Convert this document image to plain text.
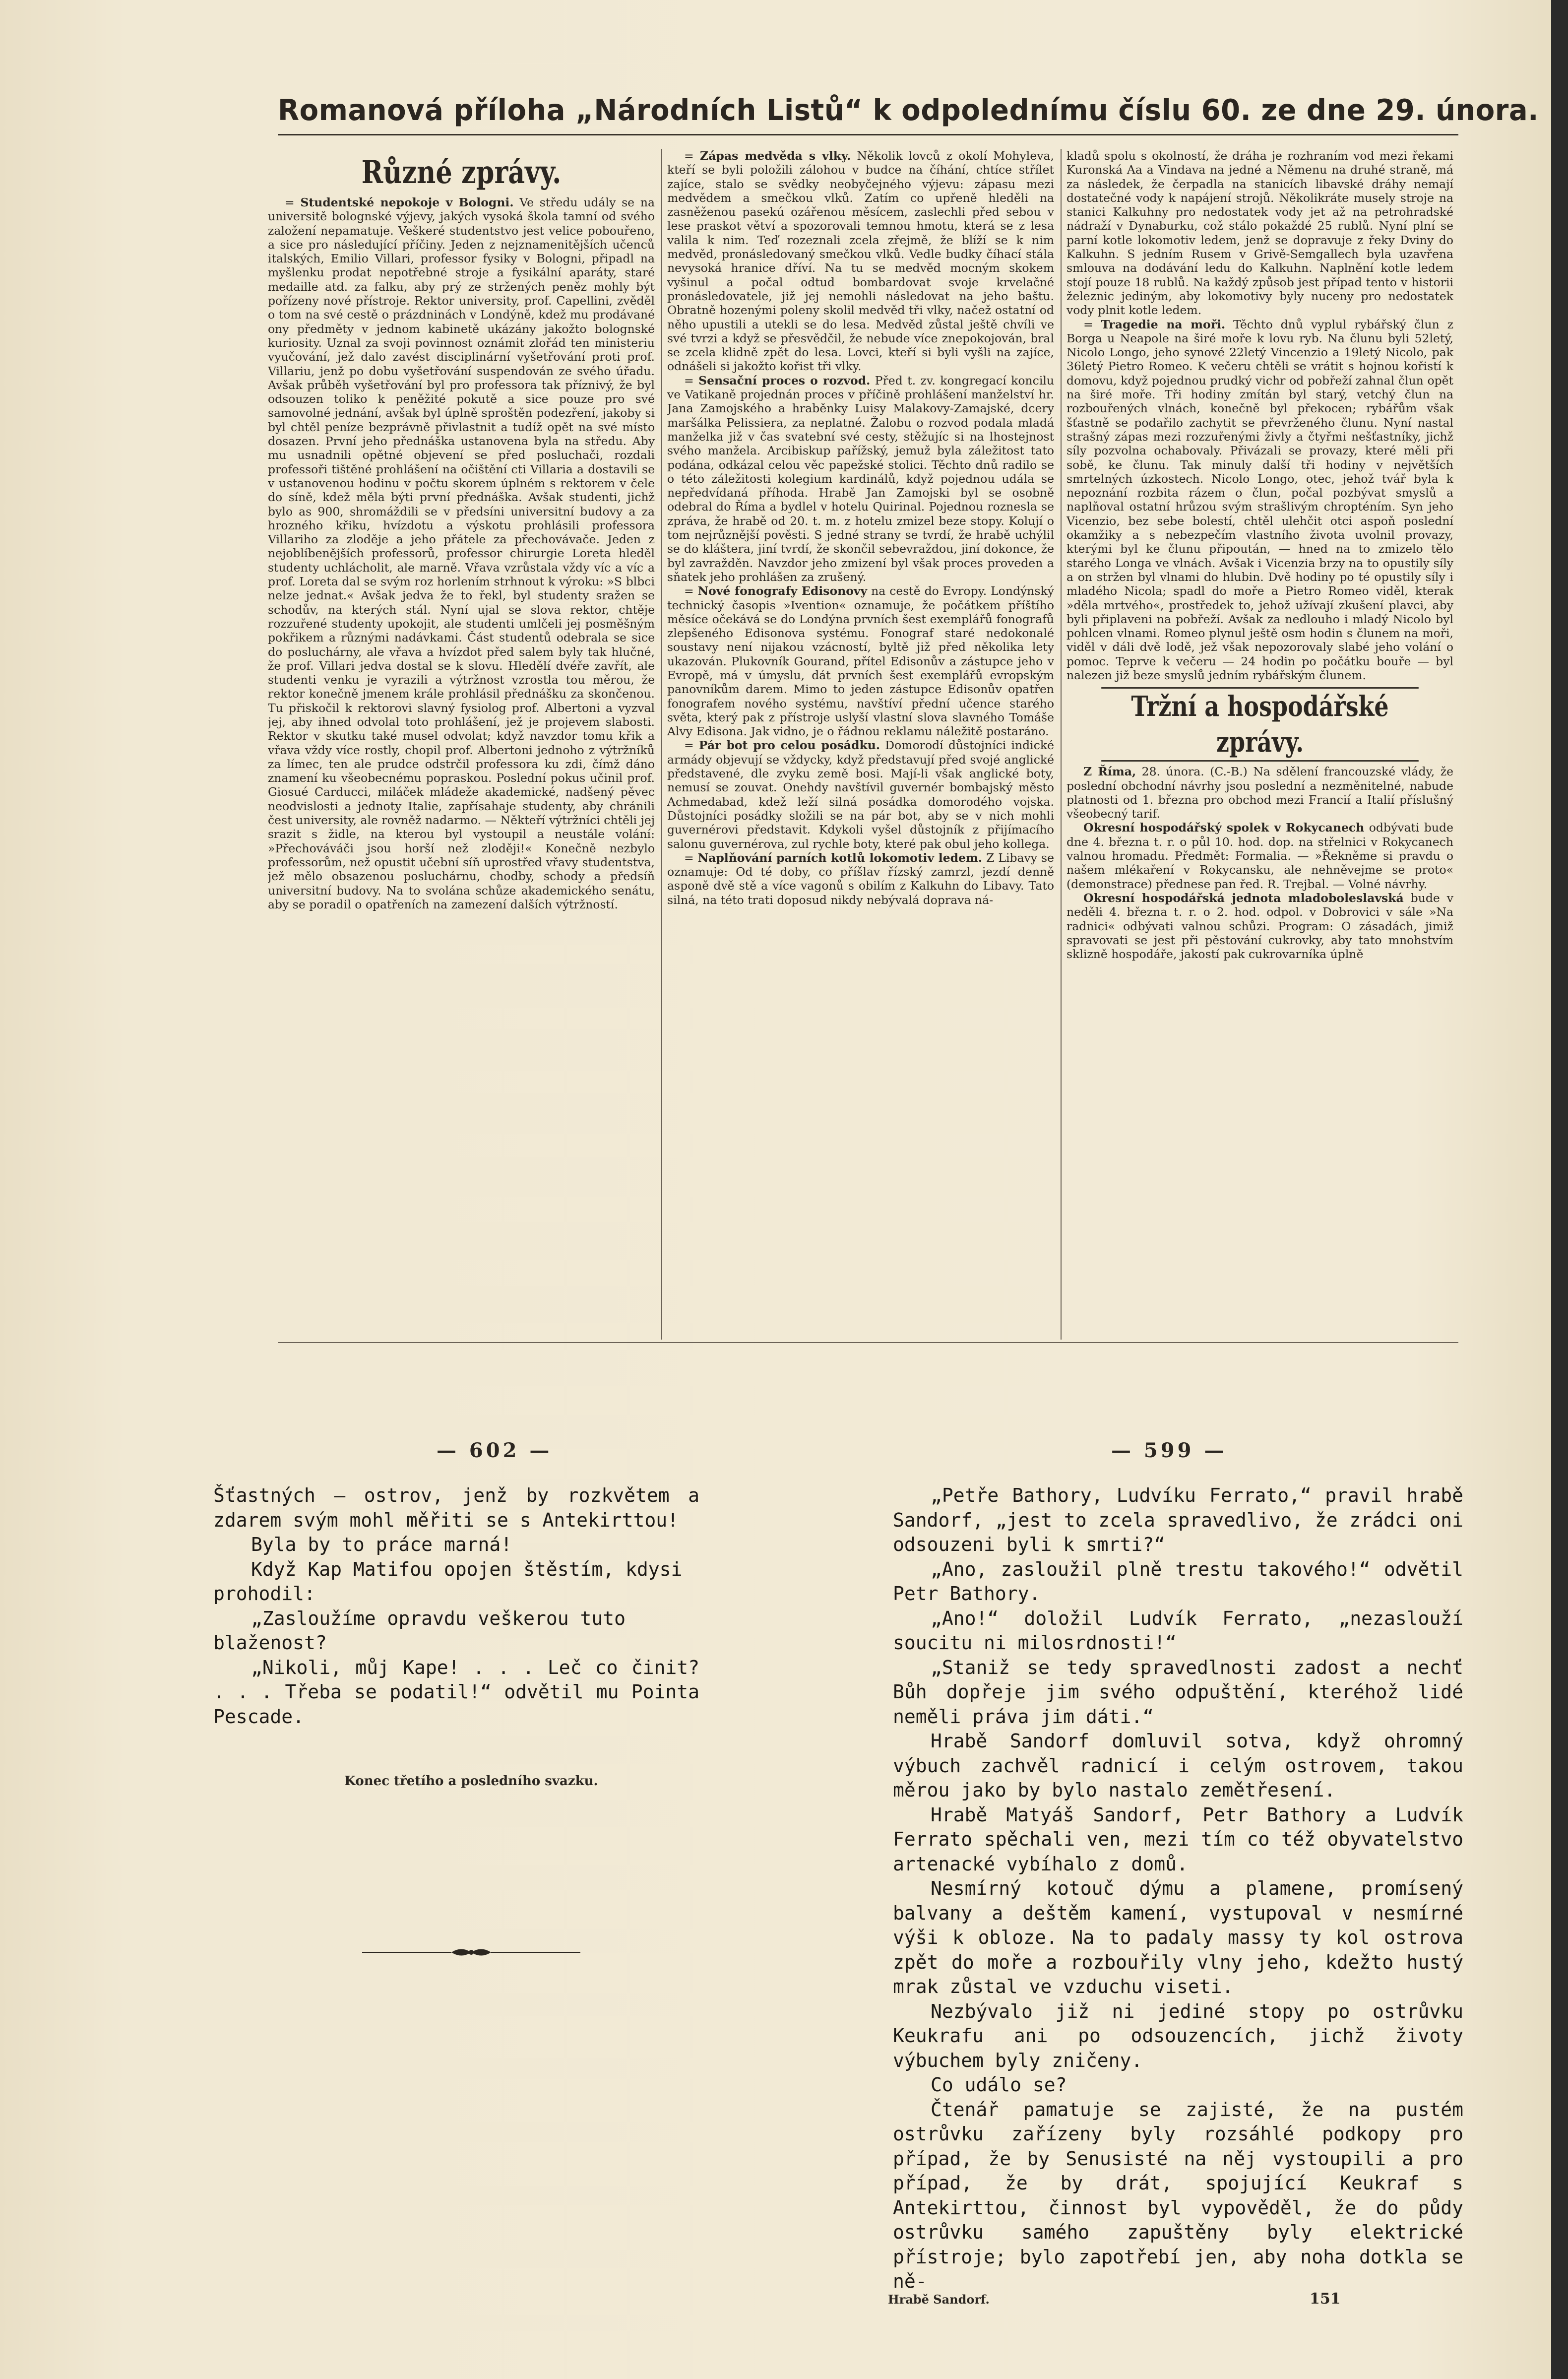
Romanová příloha „Národních Listů“ k odpolednímu číslu 60. ze dne 29. února.
Různé zprávy.

= Studentské nepokoje v Bologni. Ve středu udály se na universitě bolognské výjevy, jakých vysoká škola tamní od svého založení nepamatuje. Veškeré studentstvo jest velice pobouřeno, a sice pro následující příčiny. Jeden z nejznamenitějších učenců italských, Emilio Villari, professor fysiky v Bologni, připadl na myšlenku prodat nepotřebné stroje a fysikální aparáty, staré medaille atd. za falku, aby prý ze stržených peněz mohly být pořízeny nové přístroje. Rektor university, prof. Capellini, zvěděl o tom na své cestě o prázdninách v Londýně, kdež mu prodávané ony předměty v jednom kabinetě ukázány jakožto bolognské kuriosity. Uznal za svoji povinnost oznámit zlořád ten ministeriu vyučování, jež dalo zavést disciplinární vyšetřování proti prof. Villariu, jenž po dobu vyšetřování suspendován ze svého úřadu. Avšak průběh vyšetřování byl pro professora tak příznivý, že byl odsouzen toliko k peněžité pokutě a sice pouze pro své samovolné jednání, avšak byl úplně sproštěn podezření, jakoby si byl chtěl peníze bezprávně přivlastnit a tudíž opět na své místo dosazen. První jeho přednáška ustanovena byla na středu. Aby mu usnadnili opětné objevení se před posluchači, rozdali professoři tištěné prohlášení na očištění cti Villaria a dostavili se v ustanovenou hodinu v počtu skorem úplném s rektorem v čele do síně, kdež měla býti první přednáška. Avšak studenti, jichž bylo as 900, shromáždili se v předsíni universitní budovy a za hrozného křiku, hvízdotu a výskotu prohlásili professora Villariho za zloděje a jeho přátele za přechovávače. Jeden z nejoblíbenějších professorů, professor chirurgie Loreta hleděl studenty uchlácholit, ale marně. Vřava vzrůstala vždy víc a víc a prof. Loreta dal se svým roz horlením strhnout k výroku: »S blbci nelze jednat.« Avšak jedva že to řekl, byl studenty sražen se schodův, na kterých stál. Nyní ujal se slova rektor, chtěje rozzuřené studenty upokojit, ale studenti umlčeli jej posměšným pokřikem a různými nadávkami. Část studentů odebrala se sice do posluchárny, ale vřava a hvízdot před salem byly tak hlučné, že prof. Villari jedva dostal se k slovu. Hledělí dvéře zavřít, ale studenti venku je vyrazili a výtržnost vzrostla tou měrou, že rektor konečně jmenem krále prohlásil přednášku za skončenou. Tu přiskočil k rektorovi slavný fysiolog prof. Albertoni a vyzval jej, aby ihned odvolal toto prohlášení, jež je projevem slabosti. Rektor v skutku také musel odvolat; když navzdor tomu křik a vřava vždy více rostly, chopil prof. Albertoni jednoho z výtržníků za límec, ten ale prudce odstrčil professora ku zdi, čímž dáno znamení ku všeobecnému popraskou. Poslední pokus učinil prof. Giosué Carducci, miláček mládeže akademické, nadšený pěvec neodvislosti a jednoty Italie, zapřísahaje studenty, aby chránili čest university, ale rovněž nadarmo. — Někteří výtržníci chtěli jej srazit s židle, na kterou byl vystoupil a neustále volání: »Přechováváči jsou horší než zloději!« Konečně nezbylo professorům, než opustit učební síň uprostřed vřavy studentstva, jež mělo obsazenou posluchárnu, chodby, schody a předsíň universitní budovy. Na to svolána schůze akademického senátu, aby se poradil o opatřeních na zamezení dalších výtržností.

= Zápas medvěda s vlky. Několik lovců z okolí Mohyleva, kteří se byli položili zálohou v budce na číhání, chtíce střílet zajíce, stalo se svědky neobyčejného výjevu: zápasu mezi medvědem a smečkou vlků. Zatím co upřeně hleděli na zasněženou pasekú ozářenou měsícem, zaslechli před sebou v lese praskot větví a spozorovali temnou hmotu, která se z lesa valila k nim. Teď rozeznali zcela zřejmě, že blíží se k nim medvěd, pronásledovaný smečkou vlků. Vedle budky číhací stála nevysoká hranice dříví. Na tu se medvěd mocným skokem vyšinul a počal odtud bombardovat svoje krvelačné pronásledovatele, již jej nemohli následovat na jeho baštu. Obratně hozenými poleny skolil medvěd tři vlky, načež ostatní od něho upustili a utekli se do lesa. Medvěd zůstal ještě chvíli ve své tvrzi a když se přesvědčil, že nebude více znepokojován, bral se zcela klidně zpět do lesa. Lovci, kteří si byli vyšli na zajíce, odnášeli si jakožto kořist tři vlky.

= Sensační proces o rozvod. Před t. zv. kongregací koncilu ve Vatikaně projednán proces v příčině prohlášení manželství hr. Jana Zamojského a hraběnky Luisy Malakovy-Zamajské, dcery maršálka Pelissiera, za neplatné. Žalobu o rozvod podala mladá manželka již v čas svatební své cesty, stěžujíc si na lhostejnost svého manžela. Arcibiskup pařížský, jemuž byla záležitost tato podána, odkázal celou věc papežské stolici. Těchto dnů radilo se o této záležitosti kolegium kardinálů, když pojednou udála se nepředvídaná příhoda. Hrabě Jan Zamojski byl se osobně odebral do Říma a bydlel v hotelu Quirinal. Pojednou roznesla se zpráva, že hrabě od 20. t. m. z hotelu zmizel beze stopy. Kolují o tom nejrůznější pověsti. S jedné strany se tvrdí, že hrabě uchýlil se do kláštera, jiní tvrdí, že skončil sebevraždou, jiní dokonce, že byl zavražděn. Navzdor jeho zmizení byl však proces proveden a sňatek jeho prohlášen za zrušený.

= Nové fonografy Edisonovy na cestě do Evropy. Londýnský technický časopis »Ivention« oznamuje, že počátkem příštího měsíce očekává se do Londýna prvních šest exemplářů fonografů zlepšeného Edisonova systému. Fonograf staré nedokonalé soustavy není nijakou vzácností, byltě již před několika lety ukazován. Plukovník Gourand, přítel Edisonův a zástupce jeho v Evropě, má v úmyslu, dát prvních šest exemplářů evropským panovníkům darem. Mimo to jeden zástupce Edisonův opatřen fonografem nového systému, navštíví přední učence starého světa, který pak z přístroje uslyší vlastní slova slavného Tomáše Alvy Edisona. Jak vidno, je o řádnou reklamu náležitě postaráno.

= Pár bot pro celou posádku. Domorodí důstojníci indické armády objevují se vždycky, když představují před svojé anglické představené, dle zvyku země bosi. Mají-li však anglické boty, nemusí se zouvat. Onehdy navštívil guvernér bombajský město Achmedabad, kdež leží silná posádka domorodého vojska. Důstojníci posádky složili se na pár bot, aby se v nich mohli guvernérovi představit. Kdykoli vyšel důstojník z přijímacího salonu guvernérova, zul rychle boty, které pak obul jeho kollega.

= Naplňování parních kotlů lokomotiv ledem. Z Libavy se oznamuje: Od té doby, co příšlav řízský zamrzl, jezdí denně asponě dvě stě a více vagonů s obilím z Kalkuhn do Libavy. Tato silná, na této trati doposud nikdy nebývalá doprava ná-

kladů spolu s okolností, že dráha je rozhraním vod mezi řekami Kuronská Aa a Vindava na jedné a Němenu na druhé straně, má za následek, že čerpadla na stanicích libavské dráhy nemají dostatečné vody k napájení strojů. Několikráte musely stroje na stanici Kalkuhny pro nedostatek vody jet až na petrohradské nádraží v Dynaburku, což stálo pokaždé 25 rublů. Nyní plní se parní kotle lokomotiv ledem, jenž se dopravuje z řeky Dviny do Kalkuhn. S jedním Rusem v Grivě-Semgallech byla uzavřena smlouva na dodávání ledu do Kalkuhn. Naplnění kotle ledem stojí pouze 18 rublů. Na každý způsob jest případ tento v historii železnic jediným, aby lokomotivy byly nuceny pro nedostatek vody plnit kotle ledem.

= Tragedie na moři. Těchto dnů vyplul rybářský člun z Borga u Neapole na širé moře k lovu ryb. Na člunu byli 52letý, Nicolo Longo, jeho synové 22letý Vincenzio a 19letý Nicolo, pak 36letý Pietro Romeo. K večeru chtěli se vrátit s hojnou kořistí k domovu, když pojednou prudký vichr od pobřeží zahnal člun opět na širé moře. Tři hodiny zmítán byl starý, vetchý člun na rozbouřených vlnách, konečně byl překocen; rybářům však šťastně se podařilo zachytit se převrženého člunu. Nyní nastal strašný zápas mezi rozzuřenými živly a čtyřmi nešťastníky, jichž síly pozvolna ochabovaly. Přivázali se provazy, které měli při sobě, ke člunu. Tak minuly další tři hodiny v největších smrtelných úzkostech. Nicolo Longo, otec, jehož tvář byla k nepoznání rozbita rázem o člun, počal pozbývat smyslů a naplňoval ostatní hrůzou svým strašlivým chropténím. Syn jeho Vicenzio, bez sebe bolestí, chtěl ulehčit otci aspoň poslední okamžiky a s nebezpečím vlastního života uvolnil provazy, kterými byl ke člunu připoután, — hned na to zmizelo tělo starého Longa ve vlnách. Avšak i Vicenzia brzy na to opustily síly a on stržen byl vlnami do hlubin. Dvě hodiny po té opustily síly i mladého Nicola; spadl do moře a Pietro Romeo viděl, kterak »děla mrtvého«, prostředek to, jehož užívají zkušení plavci, aby byli připlaveni na pobřeží. Avšak za nedlouho i mladý Nicolo byl pohlcen vlnami. Romeo plynul ještě osm hodin s člunem na moři, viděl v dáli dvě lodě, jež však nepozorovaly slabé jeho volání o pomoc. Teprve k večeru — 24 hodin po počátku bouře — byl nalezen již beze smyslů jedním rybářským člunem.

Tržní a hospodářské zprávy.

Z Říma, 28. února. (C.-B.) Na sdělení francouzské vlády, že poslední obchodní návrhy jsou poslední a nezměnitelné, nabude platnosti od 1. března pro obchod mezi Francií a Italií příslušný všeobecný tarif.

Okresní hospodářský spolek v Rokycanech odbývati bude dne 4. března t. r. o půl 10. hod. dop. na střelnici v Rokycanech valnou hromadu. Předmět: Formalia. — »Řekněme si pravdu o našem mlékaření v Rokycansku, ale nehněvejme se proto« (demonstrace) přednese pan řed. R. Trejbal. — Volné návrhy.

Okresní hospodářská jednota mladoboleslavská bude v neděli 4. března t. r. o 2. hod. odpol. v Dobrovici v sále »Na radnici« odbývati valnou schůzi. Program: O zásadách, jimiž spravovati se jest při pěstování cukrovky, aby tato mnohstvím sklizně hospodáře, jakostí pak cukrovarníka úplně

— 602 —

Šťastných — ostrov, jenž by rozkvětem a zdarem svým mohl měřiti se s Antekirttou!

Byla by to práce marná!

Když Kap Matifou opojen štěstím, kdysi prohodil:

„Zasloužíme opravdu veškerou tuto blaženost?

„Nikoli, můj Kape! . . . Leč co činit? . . . Třeba se podatil!“ odvětil mu Pointa Pescade.

Konec třetího a posledního svazku.
— 599 —

„Petře Bathory, Ludvíku Ferrato,“ pravil hrabě Sandorf, „jest to zcela spravedlivo, že zrádci oni odsouzeni byli k smrti?“

„Ano, zasloužil plně trestu takového!“ odvětil Petr Bathory.

„Ano!“ doložil Ludvík Ferrato, „nezaslouží soucitu ni milosrdnosti!“

„Staniž se tedy spravedlnosti zadost a nechť Bůh dopřeje jim svého odpuštění, kteréhož lidé neměli práva jim dáti.“

Hrabě Sandorf domluvil sotva, když ohromný výbuch zachvěl radnicí i celým ostrovem, takou měrou jako by bylo nastalo zemětřesení.

Hrabě Matyáš Sandorf, Petr Bathory a Ludvík Ferrato spěchali ven, mezi tím co též obyvatelstvo artenacké vybíhalo z domů.

Nesmírný kotouč dýmu a plamene, promísený balvany a deštěm kamení, vystupoval v nesmírné výši k obloze. Na to padaly massy ty kol ostrova zpět do moře a rozbouřily vlny jeho, kdežto hustý mrak zůstal ve vzduchu viseti.

Nezbývalo již ni jediné stopy po ostrůvku Keukrafu ani po odsouzencích, jichž životy výbuchem byly zničeny.

Co událo se?

Čtenář pamatuje se zajisté, že na pustém ostrůvku zařízeny byly rozsáhlé podkopy pro případ, že by Senusisté na něj vystoupili a pro případ, že by drát, spojující Keukraf s Antekirttou, činnost byl vypověděl, že do půdy ostrůvku samého zapuštěny byly elektrické přístroje; bylo zapotřebí jen, aby noha dotkla se ně-

Hrabě Sandorf.	151
